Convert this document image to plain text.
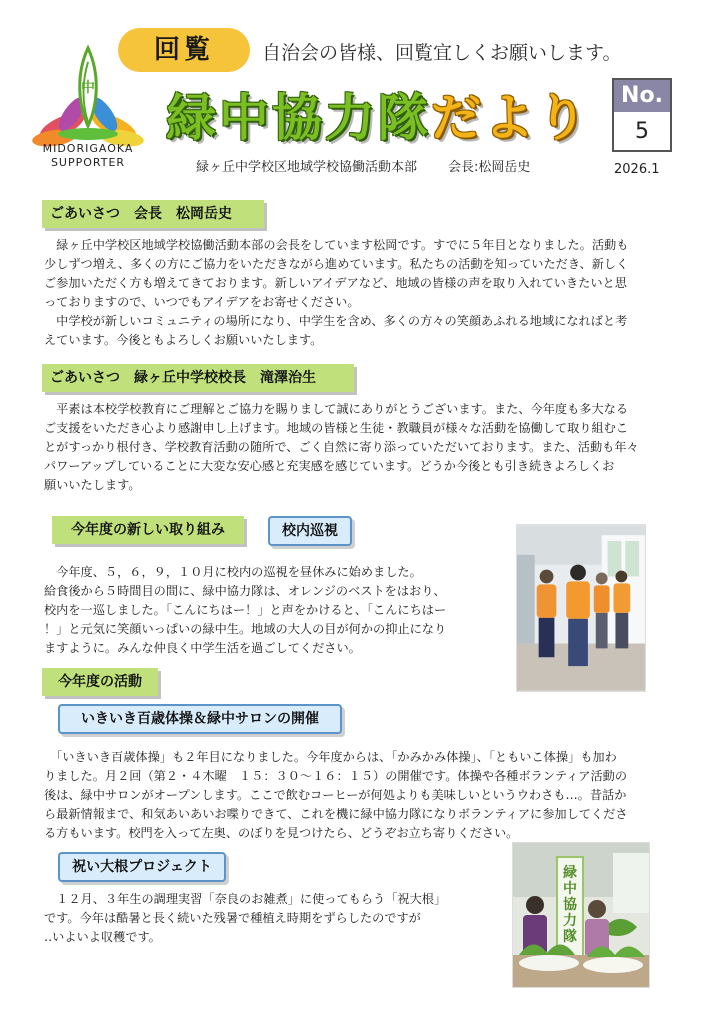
中
MIDORIGAOKA
SUPPORTER
回覧	自治会の皆様、回覧宜しくお願いします。
緑中協力隊だより	No.
5
緑ヶ丘中学校区地域学校協働活動本部 会長:松岡岳史	2026.1
ごあいさつ　会長　松岡岳史
　緑ヶ丘中学校区地域学校協働活動本部の会長をしています松岡です。すでに５年目となりました。活動も
少しずつ増え、多くの方にご協力をいただきながら進めています。私たちの活動を知っていただき、新しく
ご参加いただく方も増えてきております。新しいアイデアなど、地域の皆様の声を取り入れていきたいと思
っておりますので、いつでもアイデアをお寄せください。
　中学校が新しいコミュニティの場所になり、中学生を含め、多くの方々の笑顔あふれる地域になればと考
えています。今後ともよろしくお願いいたします。
ごあいさつ　緑ヶ丘中学校校長　滝澤治生
　平素は本校学校教育にご理解とご協力を賜りまして誠にありがとうございます。また、今年度も多大なる
ご支援をいただき心より感謝申し上げます。地域の皆様と生徒・教職員が様々な活動を協働して取り組むこ
とがすっかり根付き、学校教育活動の随所で、ごく自然に寄り添っていただいております。また、活動も年々
パワーアップしていることに大変な安心感と充実感を感じています。どうか今後とも引き続きよろしくお
願いいたします。
今年度の新しい取り組み	校内巡視
　今年度、５，６，９，１０月に校内の巡視を昼休みに始めました。
給食後から５時間目の間に、緑中協力隊は、オレンジのベストをはおり、
校内を一巡しました。「こんにちはー！」と声をかけると、「こんにちはー
！」と元気に笑顔いっぱいの緑中生。地域の大人の目が何かの抑止になり
ますように。みんな仲良く中学生活を過ごしてください。
今年度の活動
いきいき百歳体操＆緑中サロンの開催
　「いきいき百歳体操」も２年目になりました。今年度からは、「かみかみ体操」、「ともいこ体操」も加わ
りました。月２回（第２・４木曜　１５：３０～１６：１５）の開催です。体操や各種ボランティア活動の
後は、緑中サロンがオープンします。ここで飲むコーヒーが何処よりも美味しいというウわさも…。昔話か
ら最新情報まで、和気あいあいお喋りできて、これを機に緑中協力隊になりボランティアに参加してくださ
る方もいます。校門を入って左奥、のぼりを見つけたら、どうぞお立ち寄りください。
祝い大根プロジェクト
　１２月、３年生の調理実習「奈良のお雑煮」に使ってもらう「祝大根」
です。今年は酷暑と長く続いた残暑で種植え時期をずらしたのですが
‥いよいよ収穫です。
緑中協力隊
